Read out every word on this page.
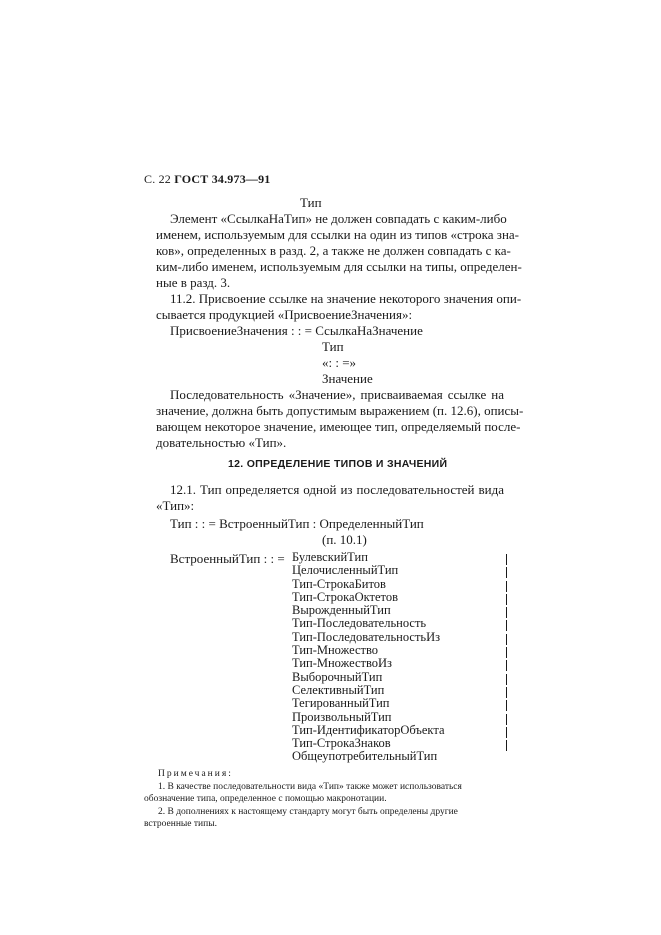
С. 22 ГОСТ 34.973—91
Тип
Элемент «СсылкаНаТип» не должен совпадать с каким-либо
именем, используемым для ссылки на один из типов «строка зна-
ков», определенных в разд. 2, а также не должен совпадать с ка-
ким-либо именем, используемым для ссылки на типы, определен-
ные в разд. 3.
11.2. Присвоение ссылке на значение некоторого значения опи-
сывается продукцией «ПрисвоениеЗначения»:
ПрисвоениеЗначения : : = СсылкаНаЗначение
Тип
«: : =»
Значение
Последовательность «Значение», присваиваемая ссылке на
значение, должна быть допустимым выражением (п. 12.6), описы-
вающем некоторое значение, имеющее тип, определяемый после-
довательностью «Тип».
12. ОПРЕДЕЛЕНИЕ ТИПОВ И ЗНАЧЕНИЙ
12.1. Тип определяется одной из последовательностей вида
«Тип»:
Тип : : = ВстроенныйТип : ОпределенныйТип
(п. 10.1)
ВстроенныйТип : : = БулевскийТип
ЦелочисленныйТип
Тип-СтрокаБитов
Тип-СтрокаОктетов
ВырожденныйТип
Тип-Последовательность
Тип-ПоследовательностьИз
Тип-Множество
Тип-МножествоИз
ВыборочныйТип
СелективныйТип
ТегированныйТип
ПроизвольныйТип
Тип-ИдентификаторОбъекта
Тип-СтрокаЗнаков
ОбщеупотребительныйТип
Примечания:
1. В качестве последовательности вида «Тип» также может использоваться
обозначение типа, определенное с помощью макронотации.
2. В дополнениях к настоящему стандарту могут быть определены другие
встроенные типы.
